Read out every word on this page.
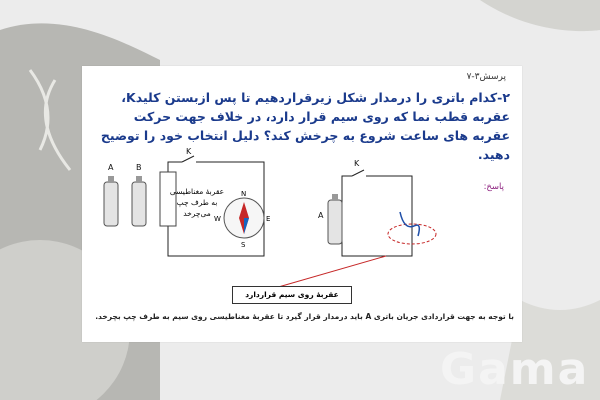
پرسش۳-۷
۲-کدام باتری را درمدار شکل زیرقراردهیم تا پس ازبستن کلیدK، عقربه قطب نما که روی سیم قرار دارد، در خلاف جهت حرکت عقربه های ساعت شروع به چرخش کند؟ دلیل انتخاب خود را توضیح دهید.
پاسخ:
A	B
K
N
S
E
W
K
A
عقربهٔ مغناطیسی
به طرف چپ
می‌چرخد
عقربهٔ روی سیم قراردارد
با توجه به جهت قراردادی جریان باتری A باید درمدار قرار گیرد تا عقربهٔ مغناطیسی روی سیم به طرف چپ بچرخد.
Gama
